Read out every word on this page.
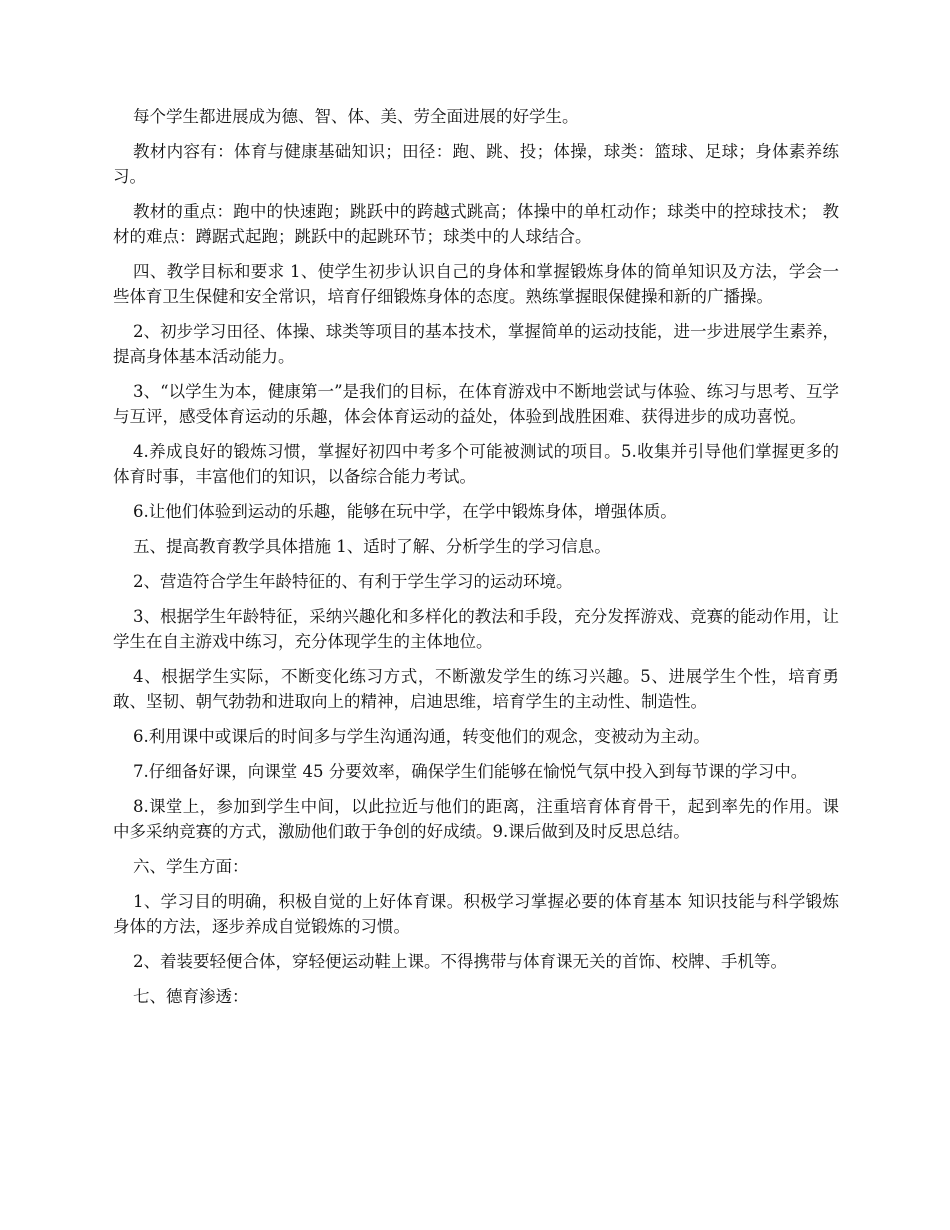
每个学生都进展成为德、智、体、美、劳全面进展的好学生。

教材内容有：体育与健康基础知识；田径：跑、跳、投；体操，球类：篮球、足球；身体素养练习。

教材的重点：跑中的快速跑；跳跃中的跨越式跳高；体操中的单杠动作；球类中的控球技术； 教材的难点：蹲踞式起跑；跳跃中的起跳环节；球类中的人球结合。

四、教学目标和要求 1、使学生初步认识自己的身体和掌握锻炼身体的简单知识及方法，学会一些体育卫生保健和安全常识，培育仔细锻炼身体的态度。熟练掌握眼保健操和新的广播操。

2、初步学习田径、体操、球类等项目的基本技术，掌握简单的运动技能，进一步进展学生素养，提高身体基本活动能力。

3、“以学生为本，健康第一”是我们的目标，在体育游戏中不断地尝试与体验、练习与思考、互学与互评，感受体育运动的乐趣，体会体育运动的益处，体验到战胜困难、获得进步的成功喜悦。

4.养成良好的锻炼习惯，掌握好初四中考多个可能被测试的项目。5.收集并引导他们掌握更多的体育时事，丰富他们的知识，以备综合能力考试。

6.让他们体验到运动的乐趣，能够在玩中学，在学中锻炼身体，增强体质。

五、提高教育教学具体措施 1、适时了解、分析学生的学习信息。

2、营造符合学生年龄特征的、有利于学生学习的运动环境。

3、根据学生年龄特征，采纳兴趣化和多样化的教法和手段，充分发挥游戏、竞赛的能动作用，让学生在自主游戏中练习，充分体现学生的主体地位。

4、根据学生实际，不断变化练习方式，不断激发学生的练习兴趣。5、进展学生个性，培育勇敢、坚韧、朝气勃勃和进取向上的精神，启迪思维，培育学生的主动性、制造性。

6.利用课中或课后的时间多与学生沟通沟通，转变他们的观念，变被动为主动。

7.仔细备好课，向课堂 45 分要效率，确保学生们能够在愉悦气氛中投入到每节课的学习中。

8.课堂上，参加到学生中间，以此拉近与他们的距离，注重培育体育骨干，起到率先的作用。课中多采纳竞赛的方式，激励他们敢于争创的好成绩。9.课后做到及时反思总结。

六、学生方面：

1、学习目的明确，积极自觉的上好体育课。积极学习掌握必要的体育基本 知识技能与科学锻炼身体的方法，逐步养成自觉锻炼的习惯。

2、着装要轻便合体，穿轻便运动鞋上课。不得携带与体育课无关的首饰、校牌、手机等。

七、德育渗透：
